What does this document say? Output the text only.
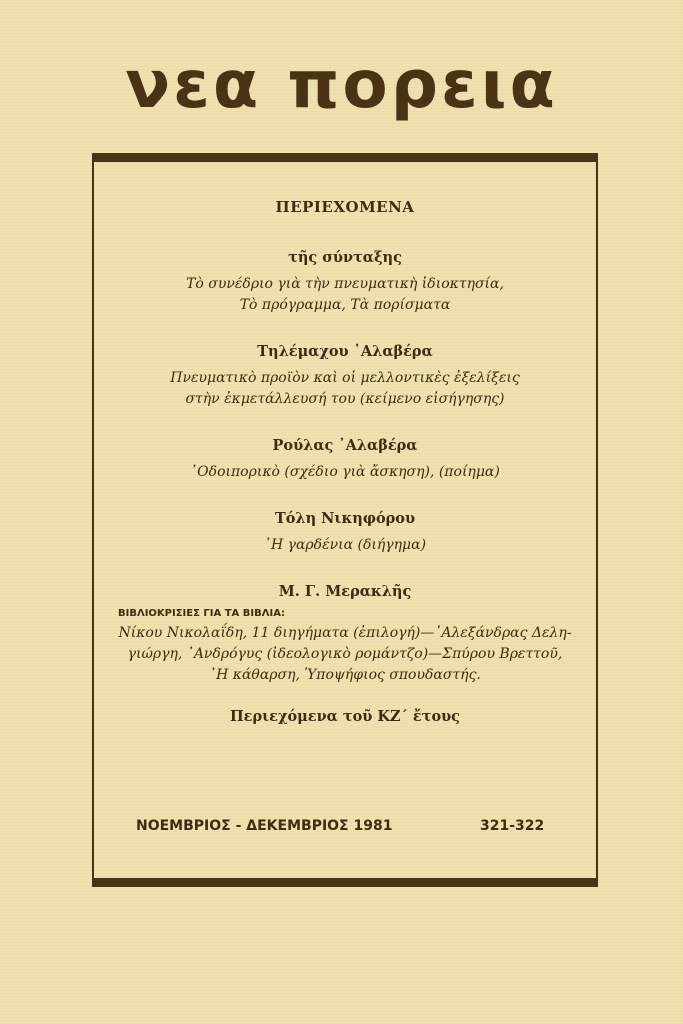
νεα πορεια
ΠΕΡΙΕΧΟΜΕΝΑ
τῆς σύνταξης
Τὸ συνέδριο γιὰ τὴν πνευματικὴ ἰδιοκτησία,
Τὸ πρόγραμμα, Τὰ πορίσματα
Τηλέμαχου ᾿Αλαβέρα
Πνευματικὸ προϊὸν καὶ οἱ μελλοντικὲς ἐξελίξεις
στὴν ἐκμετάλλευσή του (κείμενο εἰσήγησης)
Ρούλας ᾿Αλαβέρα
᾿Οδοιπορικὸ (σχέδιο γιὰ ἄσκηση), (ποίημα)
Τόλη Νικηφόρου
῾Η γαρδένια (διήγημα)
Μ. Γ. Μερακλῆς
ΒΙΒΛΙΟΚΡΙΣΙΕΣ ΓΙΑ ΤΑ ΒΙΒΛΙΑ:
Νίκου Νικολαΐδη, 11 διηγήματα (ἐπιλογή)—᾿Αλεξάνδρας Δελη-
γιώργη, ᾿Ανδρόγυς (ἰδεολογικὸ ρομάντζο)—Σπύρου Βρεττοῦ,
῾Η κάθαρση, Ὑποψήφιος σπουδαστής.
Περιεχόμενα τοῦ ΚΖ΄ ἔτους
ΝΟΕΜΒΡΙΟΣ - ΔΕΚΕΜΒΡΙΟΣ 1981	321-322
